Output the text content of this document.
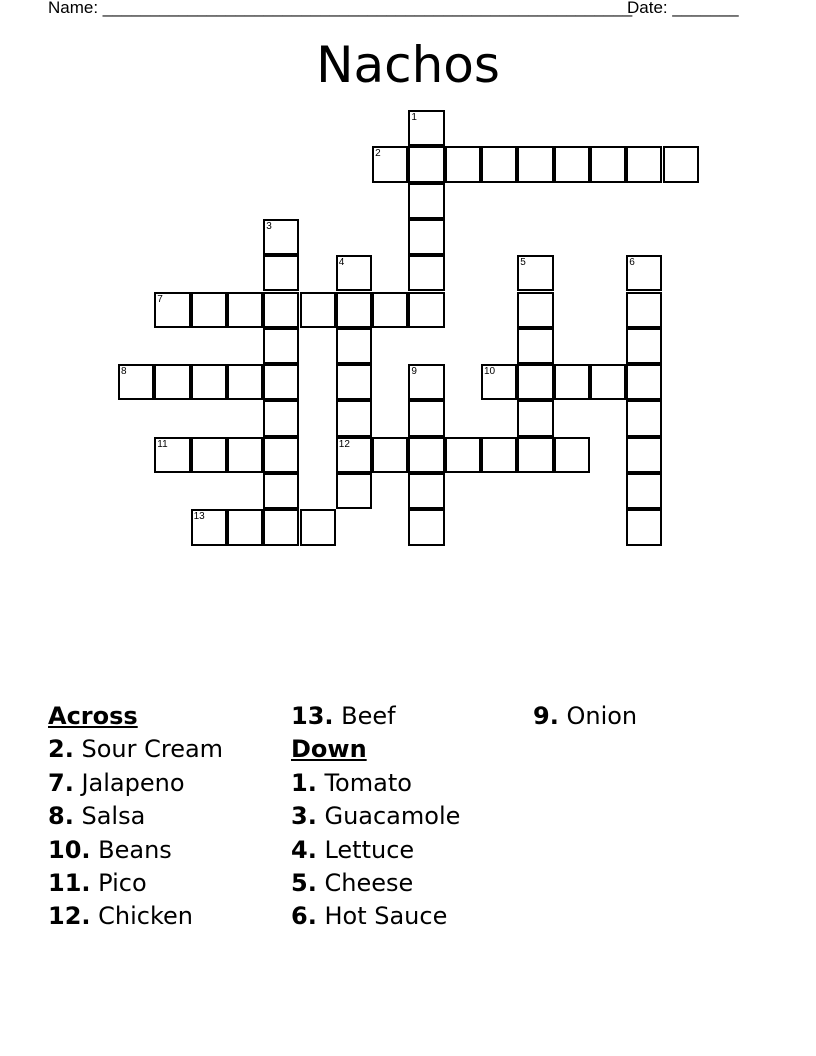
Name: ________________________________________________________
Date: _______
Nachos
1
2
3
4	5	6
7
8	9	10
11	12
13
Across
2. Sour Cream
7. Jalapeno
8. Salsa
10. Beans
11. Pico
12. Chicken
13. Beef
Down
1. Tomato
3. Guacamole
4. Lettuce
5. Cheese
6. Hot Sauce
9. Onion
